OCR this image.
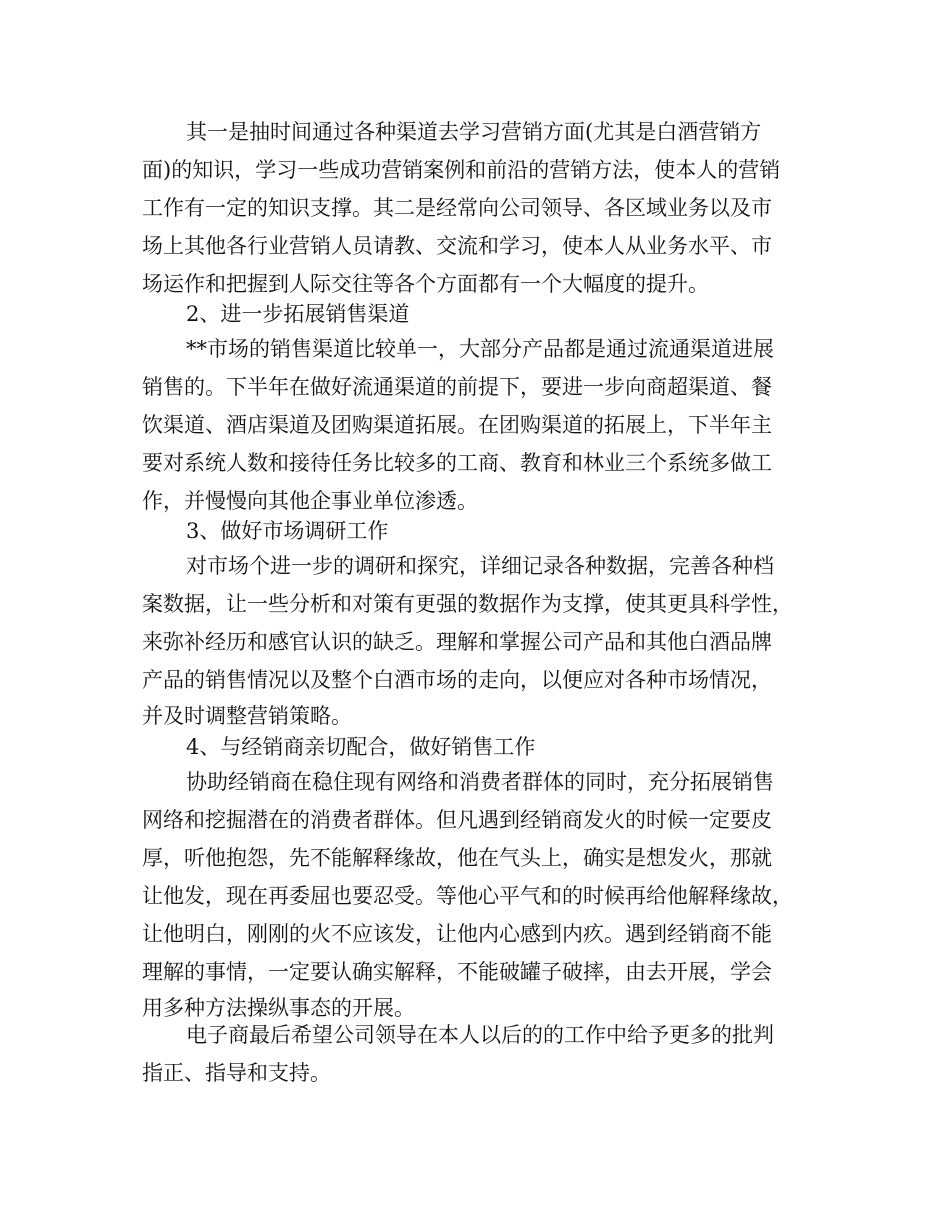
其一是抽时间通过各种渠道去学习营销方面(尤其是白酒营销方
面)的知识，学习一些成功营销案例和前沿的营销方法，使本人的营销
工作有一定的知识支撑。其二是经常向公司领导、各区域业务以及市
场上其他各行业营销人员请教、交流和学习，使本人从业务水平、市
场运作和把握到人际交往等各个方面都有一个大幅度的提升。
2、进一步拓展销售渠道
**市场的销售渠道比较单一，大部分产品都是通过流通渠道进展
销售的。下半年在做好流通渠道的前提下，要进一步向商超渠道、餐
饮渠道、酒店渠道及团购渠道拓展。在团购渠道的拓展上，下半年主
要对系统人数和接待任务比较多的工商、教育和林业三个系统多做工
作，并慢慢向其他企事业单位渗透。
3、做好市场调研工作
对市场个进一步的调研和探究，详细记录各种数据，完善各种档
案数据，让一些分析和对策有更强的数据作为支撑，使其更具科学性，
来弥补经历和感官认识的缺乏。理解和掌握公司产品和其他白酒品牌
产品的销售情况以及整个白酒市场的走向，以便应对各种市场情况，
并及时调整营销策略。
4、与经销商亲切配合，做好销售工作
协助经销商在稳住现有网络和消费者群体的同时，充分拓展销售
网络和挖掘潜在的消费者群体。但凡遇到经销商发火的时候一定要皮
厚，听他抱怨，先不能解释缘故，他在气头上，确实是想发火，那就
让他发，现在再委屈也要忍受。等他心平气和的时候再给他解释缘故，
让他明白，刚刚的火不应该发，让他内心感到内疚。遇到经销商不能
理解的事情，一定要认确实解释，不能破罐子破摔，由去开展，学会
用多种方法操纵事态的开展。
电子商最后希望公司领导在本人以后的的工作中给予更多的批判
指正、指导和支持。
